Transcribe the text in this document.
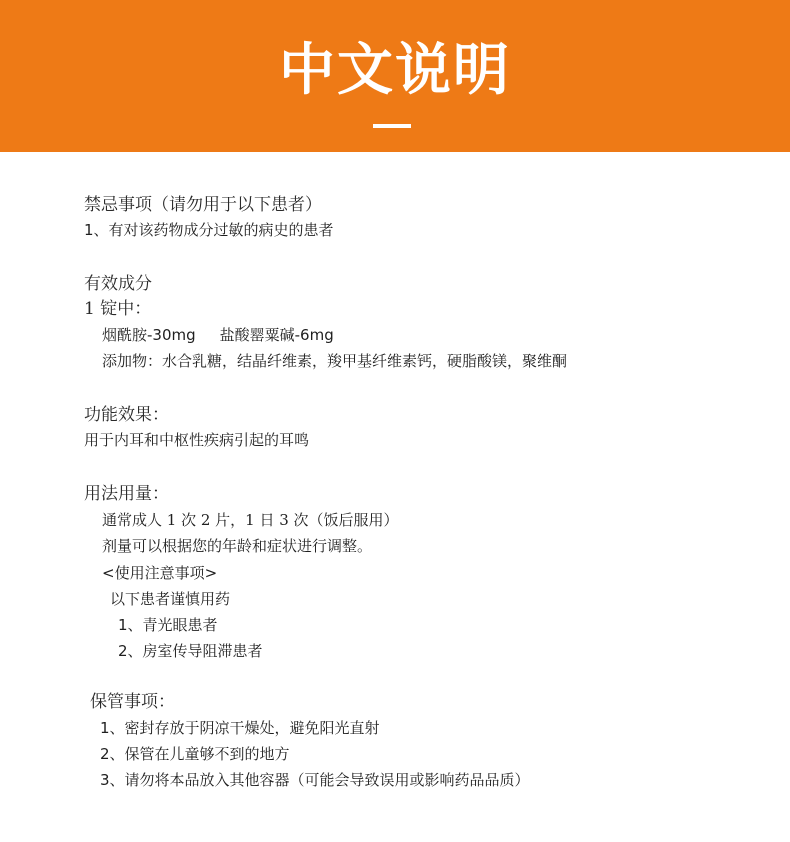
中文说明
禁忌事项（请勿用于以下患者）
1、有对该药物成分过敏的病史的患者
有效成分
1 锭中：
烟酰胺-30mg 盐酸罂粟碱-6mg
添加物：水合乳糖，结晶纤维素，羧甲基纤维素钙，硬脂酸镁，聚维酮
功能效果：
用于内耳和中枢性疾病引起的耳鸣
用法用量：
通常成人 1 次 2 片，1 日 3 次（饭后服用）
剂量可以根据您的年龄和症状进行调整。
<使用注意事项>
以下患者谨慎用药
1、青光眼患者
2、房室传导阻滞患者
保管事项：
1、密封存放于阴凉干燥处，避免阳光直射
2、保管在儿童够不到的地方
3、请勿将本品放入其他容器（可能会导致误用或影响药品品质）
